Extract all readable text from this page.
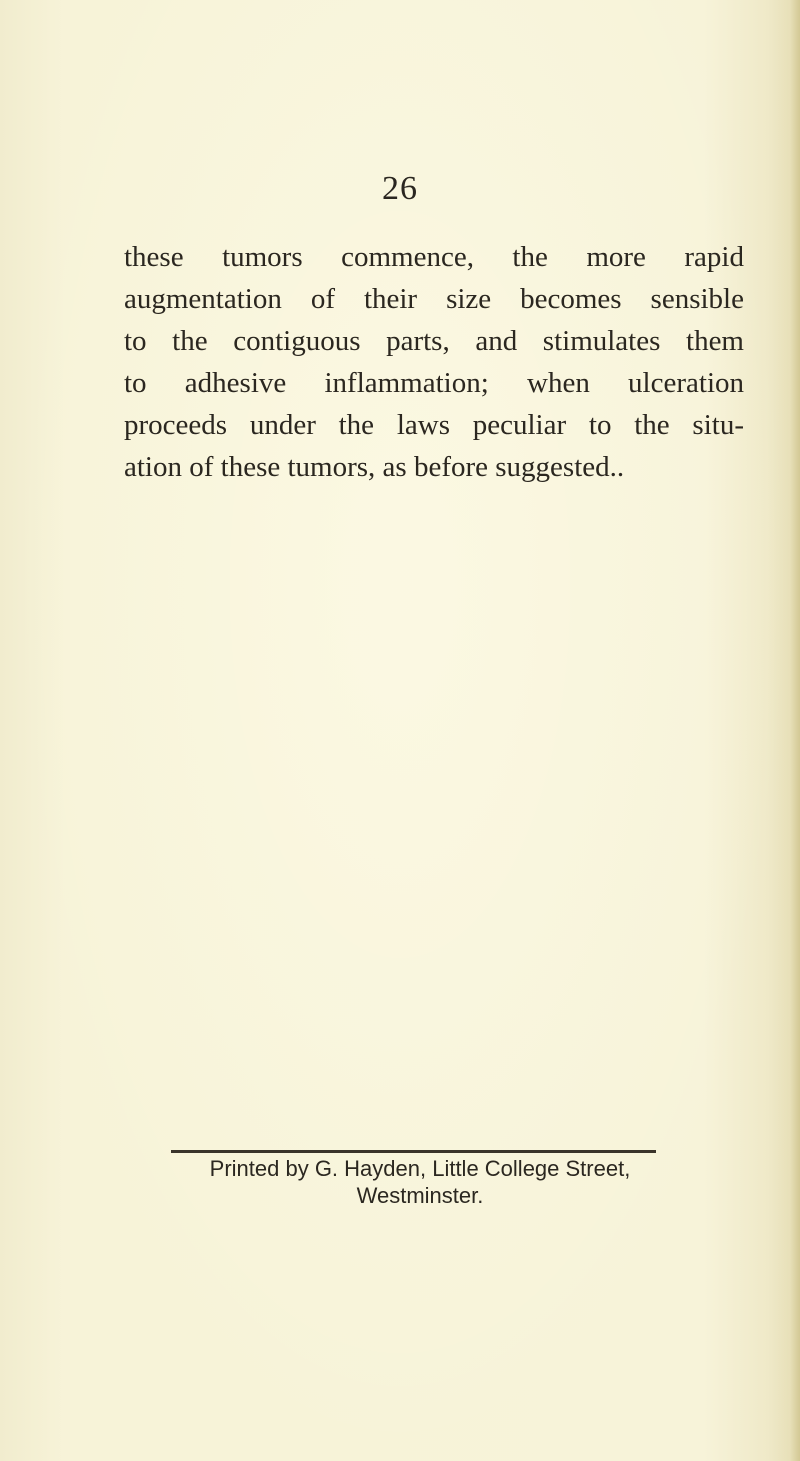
26

these tumors commence, the more rapid
augmentation of their size becomes sensible
to the contiguous parts, and stimulates them
to adhesive inflammation; when ulceration
proceeds under the laws peculiar to the situ-
ation of these tumors, as before suggested..

Printed by G. Hayden, Little College Street,
Westminster.
